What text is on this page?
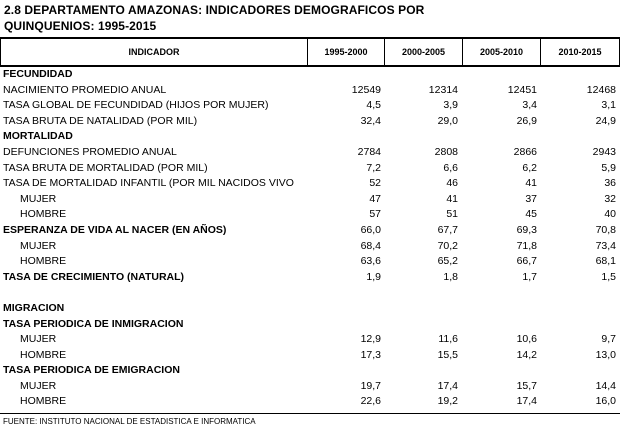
2.8 DEPARTAMENTO AMAZONAS: INDICADORES DEMOGRAFICOS POR
QUINQUENIOS: 1995-2015
INDICADOR	1995-2000	2000-2005	2005-2010	2010-2015
FECUNDIDAD
NACIMIENTO PROMEDIO ANUAL	12549	12314	12451	12468
TASA GLOBAL DE FECUNDIDAD (HIJOS POR MUJER)	4,5	3,9	3,4	3,1
TASA BRUTA DE NATALIDAD (POR MIL)	32,4	29,0	26,9	24,9
MORTALIDAD
DEFUNCIONES PROMEDIO ANUAL	2784	2808	2866	2943
TASA BRUTA DE MORTALIDAD (POR MIL)	7,2	6,6	6,2	5,9
TASA DE MORTALIDAD INFANTIL (POR MIL NACIDOS VIVO	52	46	41	36
MUJER	47	41	37	32
HOMBRE	57	51	45	40
ESPERANZA DE VIDA AL NACER (EN AÑOS)	66,0	67,7	69,3	70,8
MUJER	68,4	70,2	71,8	73,4
HOMBRE	63,6	65,2	66,7	68,1
TASA DE CRECIMIENTO (NATURAL)	1,9	1,8	1,7	1,5
MIGRACION
TASA PERIODICA DE INMIGRACION
MUJER	12,9	11,6	10,6	9,7
HOMBRE	17,3	15,5	14,2	13,0
TASA PERIODICA DE EMIGRACION
MUJER	19,7	17,4	15,7	14,4
HOMBRE	22,6	19,2	17,4	16,0
FUENTE: INSTITUTO NACIONAL DE ESTADISTICA E INFORMATICA
